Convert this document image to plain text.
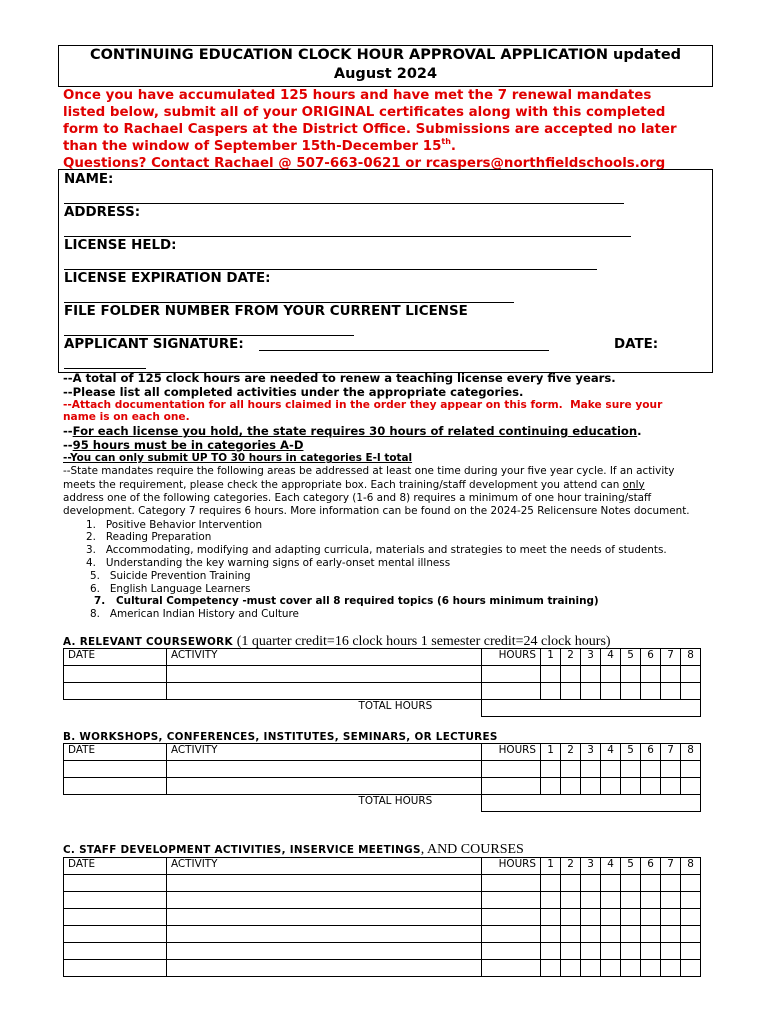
CONTINUING EDUCATION CLOCK HOUR APPROVAL APPLICATION updated
August 2024
Once you have accumulated 125 hours and have met the 7 renewal mandates
listed below, submit all of your ORIGINAL certificates along with this completed
form to Rachael Caspers at the District Office. Submissions are accepted no later
than the window of September 15th-December 15th.
Questions? Contact Rachael @ 507-663-0621 or rcaspers@northfieldschools.org
NAME:
ADDRESS:
LICENSE HELD:
LICENSE EXPIRATION DATE:
FILE FOLDER NUMBER FROM YOUR CURRENT LICENSE
APPLICANT SIGNATURE:	DATE:
--A total of 125 clock hours are needed to renew a teaching license every five years.
--Please list all completed activities under the appropriate categories.
--Attach documentation for all hours claimed in the order they appear on this form. Make sure your
name is on each one.
--For each license you hold, the state requires 30 hours of related continuing education.
--95 hours must be in categories A-D
--You can only submit UP TO 30 hours in categories E-I total
--State mandates require the following areas be addressed at least one time during your five year cycle. If an activity
meets the requirement, please check the appropriate box. Each training/staff development you attend can only
address one of the following categories. Each category (1-6 and 8) requires a minimum of one hour training/staff
development. Category 7 requires 6 hours. More information can be found on the 2024-25 Relicensure Notes document.
1. Positive Behavior Intervention
2. Reading Preparation
3. Accommodating, modifying and adapting curricula, materials and strategies to meet the needs of students.
4. Understanding the key warning signs of early-onset mental illness
5. Suicide Prevention Training
6. English Language Learners
7. Cultural Competency -must cover all 8 required topics (6 hours minimum training)
8. American Indian History and Culture
A. RELEVANT COURSEWORK (1 quarter credit=16 clock hours 1 semester credit=24 clock hours)
DATE	ACTIVITY	HOURS	1	2	3	4	5	6	7	8

	TOTAL HOURS									
B. WORKSHOPS, CONFERENCES, INSTITUTES, SEMINARS, OR LECTURES
DATE	ACTIVITY	HOURS	1	2	3	4	5	6	7	8

	TOTAL HOURS									
C. STAFF DEVELOPMENT ACTIVITIES, INSERVICE MEETINGS, AND COURSES
DATE	ACTIVITY	HOURS	1	2	3	4	5	6	7	8
